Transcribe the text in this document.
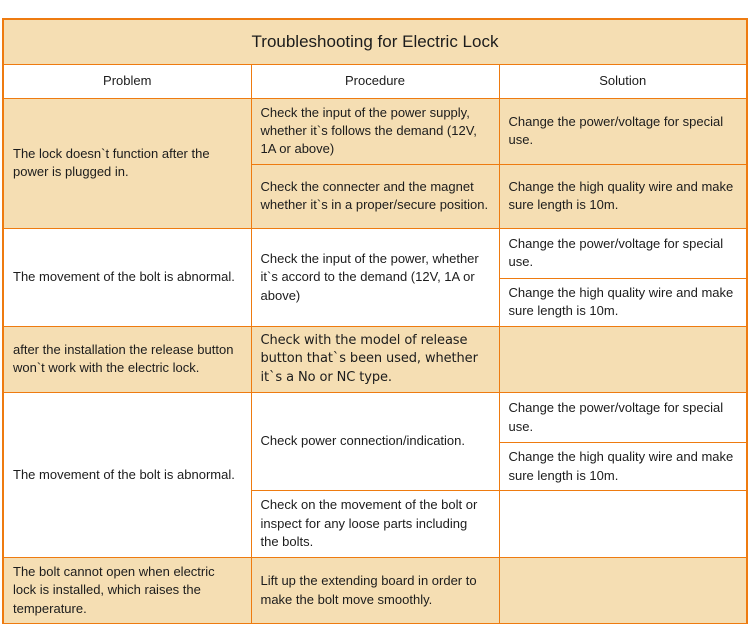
Troubleshooting for Electric Lock		
Problem	Procedure	Solution
The lock doesn`t function after the power is plugged in.	Check the input of the power supply, whether it`s follows the demand (12V, 1A or above)	Change the power/voltage for special use.
	Check the connecter and the magnet whether it`s in a proper/secure position.	Change the high quality wire and make sure length is 10m.
The movement of the bolt is abnormal.	Check the input of the power, whether it`s accord to the demand (12V, 1A or above)	Change the power/voltage for special use.
		Change the high quality wire and make sure length is 10m.
after the installation the release button won`t work with the electric lock.	Check with the model of release button that`s been used, whether it`s a No or NC type.	
The movement of the bolt is abnormal.	Check power connection/indication.	Change the power/voltage for special use.
		Change the high quality wire and make sure length is 10m.
	Check on the movement of the bolt or inspect for any loose parts including the bolts.	
The bolt cannot open when electric lock is installed, which raises the temperature.	Lift up the extending board in order to make the bolt move smoothly.	
